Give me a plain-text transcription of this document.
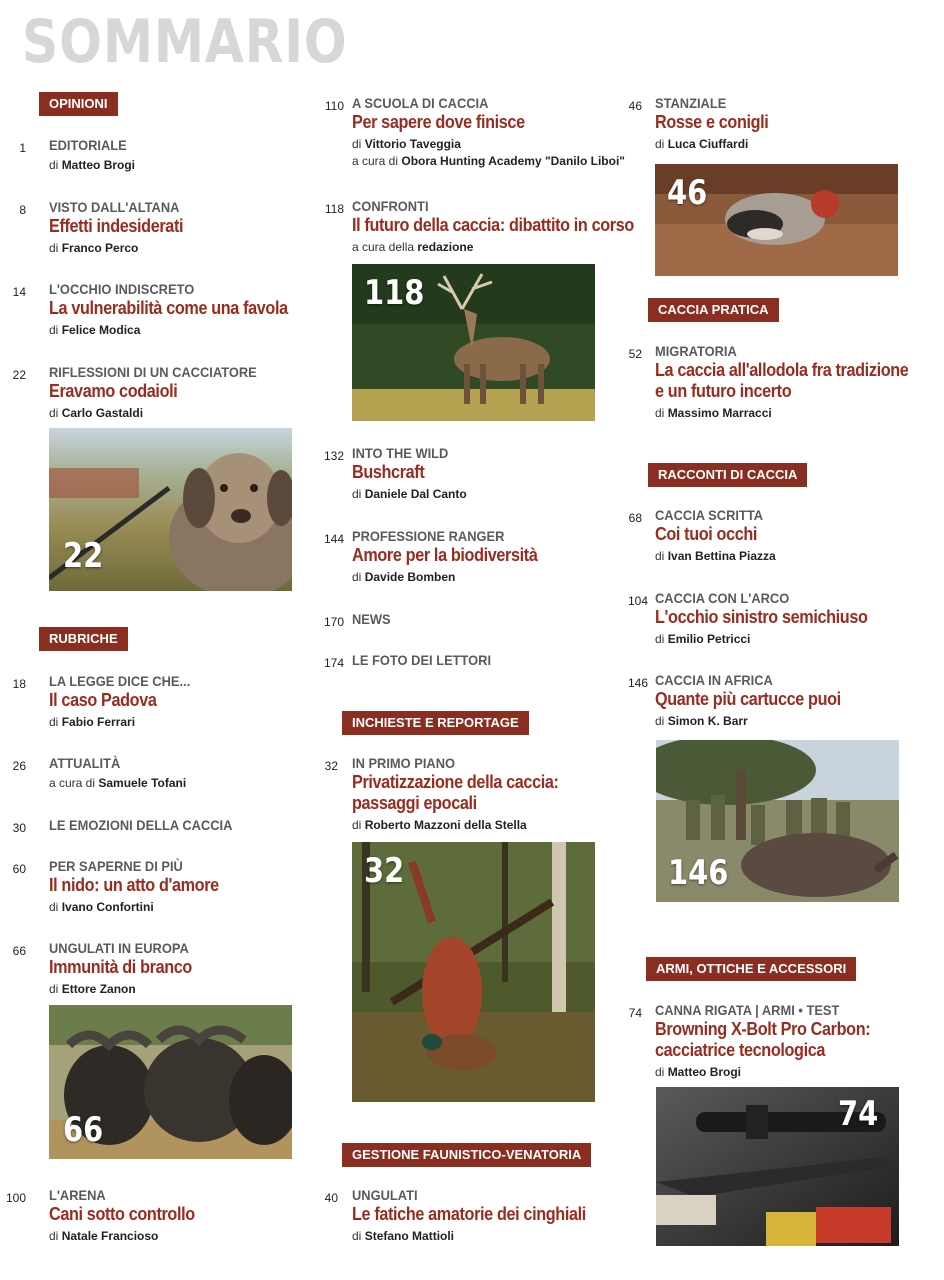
SOMMARIO
OPINIONI
1 EDITORIALE
di Matteo Brogi
8 VISTO DALL'ALTANA
Effetti indesiderati
di Franco Perco
14 L'OCCHIO INDISCRETO
La vulnerabilità come una favola
di Felice Modica
22 RIFLESSIONI DI UN CACCIATORE
Eravamo codaioli
di Carlo Gastaldi
22
RUBRICHE
18 LA LEGGE DICE CHE...
Il caso Padova
di Fabio Ferrari
26 ATTUALITÀ
a cura di Samuele Tofani
30 LE EMOZIONI DELLA CACCIA
60 PER SAPERNE DI PIÙ
Il nido: un atto d'amore
di Ivano Confortini
66 UNGULATI IN EUROPA
Immunità di branco
di Ettore Zanon
66
100 L'ARENA
Cani sotto controllo
di Natale Francioso
110 A SCUOLA DI CACCIA
Per sapere dove finisce
di Vittorio Taveggia
a cura di Obora Hunting Academy "Danilo Liboi"
118 CONFRONTI
Il futuro della caccia: dibattito in corso
a cura della redazione
118
132 INTO THE WILD
Bushcraft
di Daniele Dal Canto
144 PROFESSIONE RANGER
Amore per la biodiversità
di Davide Bomben
170 NEWS
174 LE FOTO DEI LETTORI
INCHIESTE E REPORTAGE
32 IN PRIMO PIANO
Privatizzazione della caccia:
passaggi epocali
di Roberto Mazzoni della Stella
32
GESTIONE FAUNISTICO-VENATORIA
40 UNGULATI
Le fatiche amatorie dei cinghiali
di Stefano Mattioli
46 STANZIALE
Rosse e conigli
di Luca Ciuffardi
46
CACCIA PRATICA
52 MIGRATORIA
La caccia all'allodola fra tradizione
e un futuro incerto
di Massimo Marracci
RACCONTI DI CACCIA
68 CACCIA SCRITTA
Coi tuoi occhi
di Ivan Bettina Piazza
104 CACCIA CON L'ARCO
L'occhio sinistro semichiuso
di Emilio Petricci
146 CACCIA IN AFRICA
Quante più cartucce puoi
di Simon K. Barr
146
ARMI, OTTICHE E ACCESSORI
74 CANNA RIGATA | ARMI • TEST
Browning X-Bolt Pro Carbon:
cacciatrice tecnologica
di Matteo Brogi
74
